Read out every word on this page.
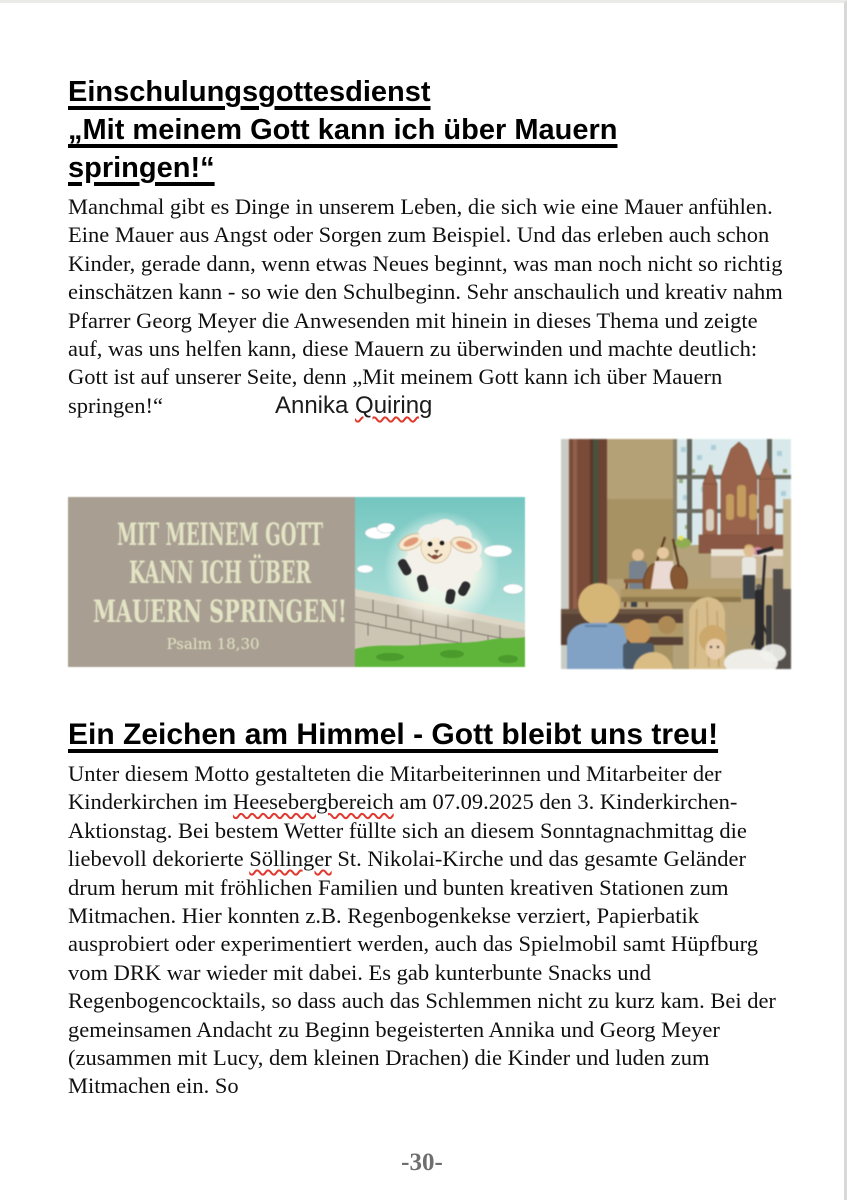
Einschulungsgottesdienst
„Mit meinem Gott kann ich über Mauern
springen!“

Manchmal gibt es Dinge in unserem Leben, die sich wie eine Mauer anfühlen. Eine Mauer aus Angst oder Sorgen zum Beispiel. Und das erleben auch schon Kinder, gerade dann, wenn etwas Neues beginnt, was man noch nicht so richtig einschätzen kann - so wie den Schulbeginn. Sehr anschaulich und kreativ nahm Pfarrer Georg Meyer die Anwesenden mit hinein in dieses Thema und zeigte auf, was uns helfen kann, diese Mauern zu überwinden und machte deutlich: Gott ist auf unserer Seite, denn „Mit meinem Gott kann ich über Mauern springen!“	Annika Quiring

MIT MEINEM GOTT
KANN ICH ÜBER
MAUERN SPRINGEN!
Psalm 18,30
Ein Zeichen am Himmel - Gott bleibt uns treu!

Unter diesem Motto gestalteten die Mitarbeiterinnen und Mitarbeiter der Kinderkirchen im Heesebergbereich am 07.09.2025 den 3. Kinderkirchen-Aktionstag. Bei bestem Wetter füllte sich an diesem Sonntagnachmittag die liebevoll dekorierte Söllinger St. Nikolai-Kirche und das gesamte Geländer drum herum mit fröhlichen Familien und bunten kreativen Stationen zum Mitmachen. Hier konnten z.B. Regenbogenkekse verziert, Papierbatik ausprobiert oder experimentiert werden, auch das Spielmobil samt Hüpfburg vom DRK war wieder mit dabei. Es gab kunterbunte Snacks und Regenbogencocktails, so dass auch das Schlemmen nicht zu kurz kam. Bei der gemeinsamen Andacht zu Beginn begeisterten Annika und Georg Meyer (zusammen mit Lucy, dem kleinen Drachen) die Kinder und luden zum Mitmachen ein. So

-30-
